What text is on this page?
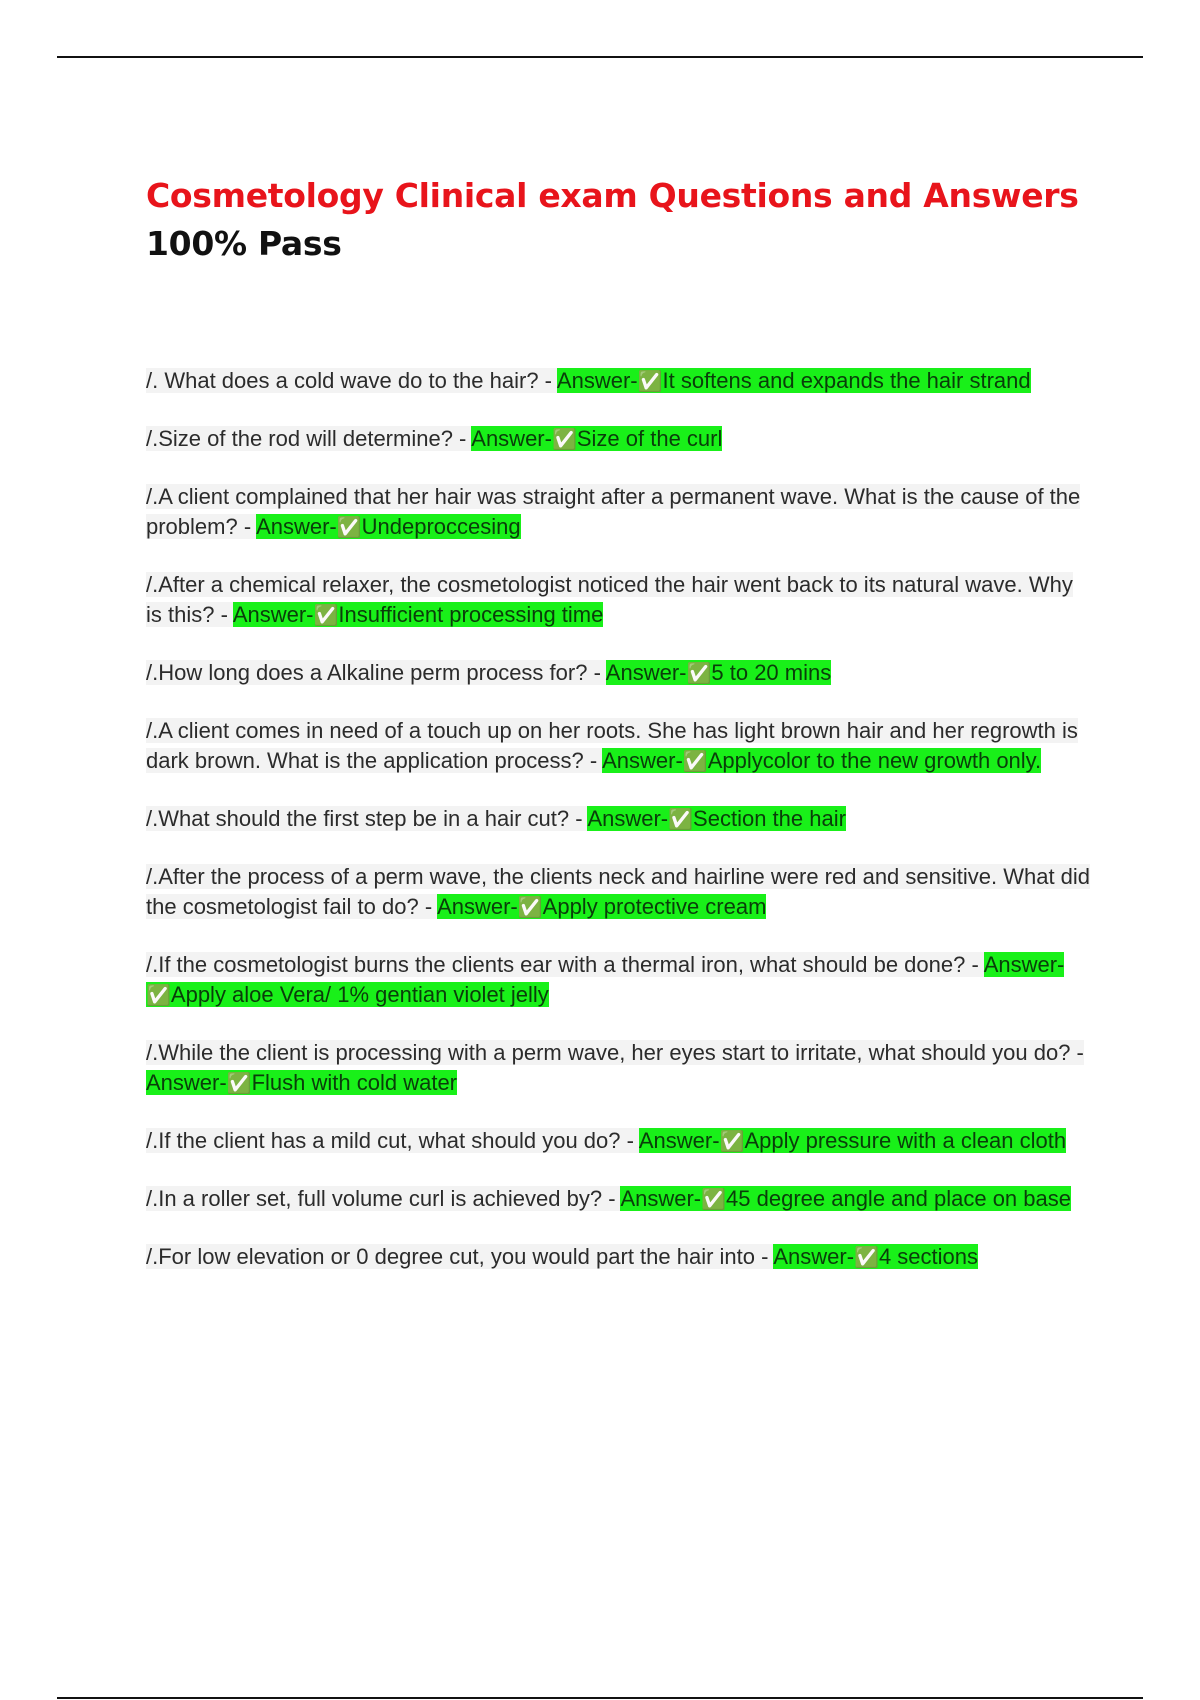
Cosmetology Clinical exam Questions and Answers
100% Pass

/. What does a cold wave do to the hair? - Answer-✅It softens and expands the hair strand

/.Size of the rod will determine? - Answer-✅Size of the curl

/.A client complained that her hair was straight after a permanent wave. What is the cause of the problem? - Answer-✅Undeproccesing

/.After a chemical relaxer, the cosmetologist noticed the hair went back to its natural wave. Why is this? - Answer-✅Insufficient processing time

/.How long does a Alkaline perm process for? - Answer-✅5 to 20 mins

/.A client comes in need of a touch up on her roots. She has light brown hair and her regrowth is dark brown. What is the application process? - Answer-✅Applycolor to the new growth only.

/.What should the first step be in a hair cut? - Answer-✅Section the hair

/.After the process of a perm wave, the clients neck and hairline were red and sensitive. What did the cosmetologist fail to do? - Answer-✅Apply protective cream

/.If the cosmetologist burns the clients ear with a thermal iron, what should be done? - Answer-✅Apply aloe Vera/ 1% gentian violet jelly

/.While the client is processing with a perm wave, her eyes start to irritate, what should you do? - Answer-✅Flush with cold water

/.If the client has a mild cut, what should you do? - Answer-✅Apply pressure with a clean cloth

/.In a roller set, full volume curl is achieved by? - Answer-✅45 degree angle and place on base

/.For low elevation or 0 degree cut, you would part the hair into - Answer-✅4 sections
